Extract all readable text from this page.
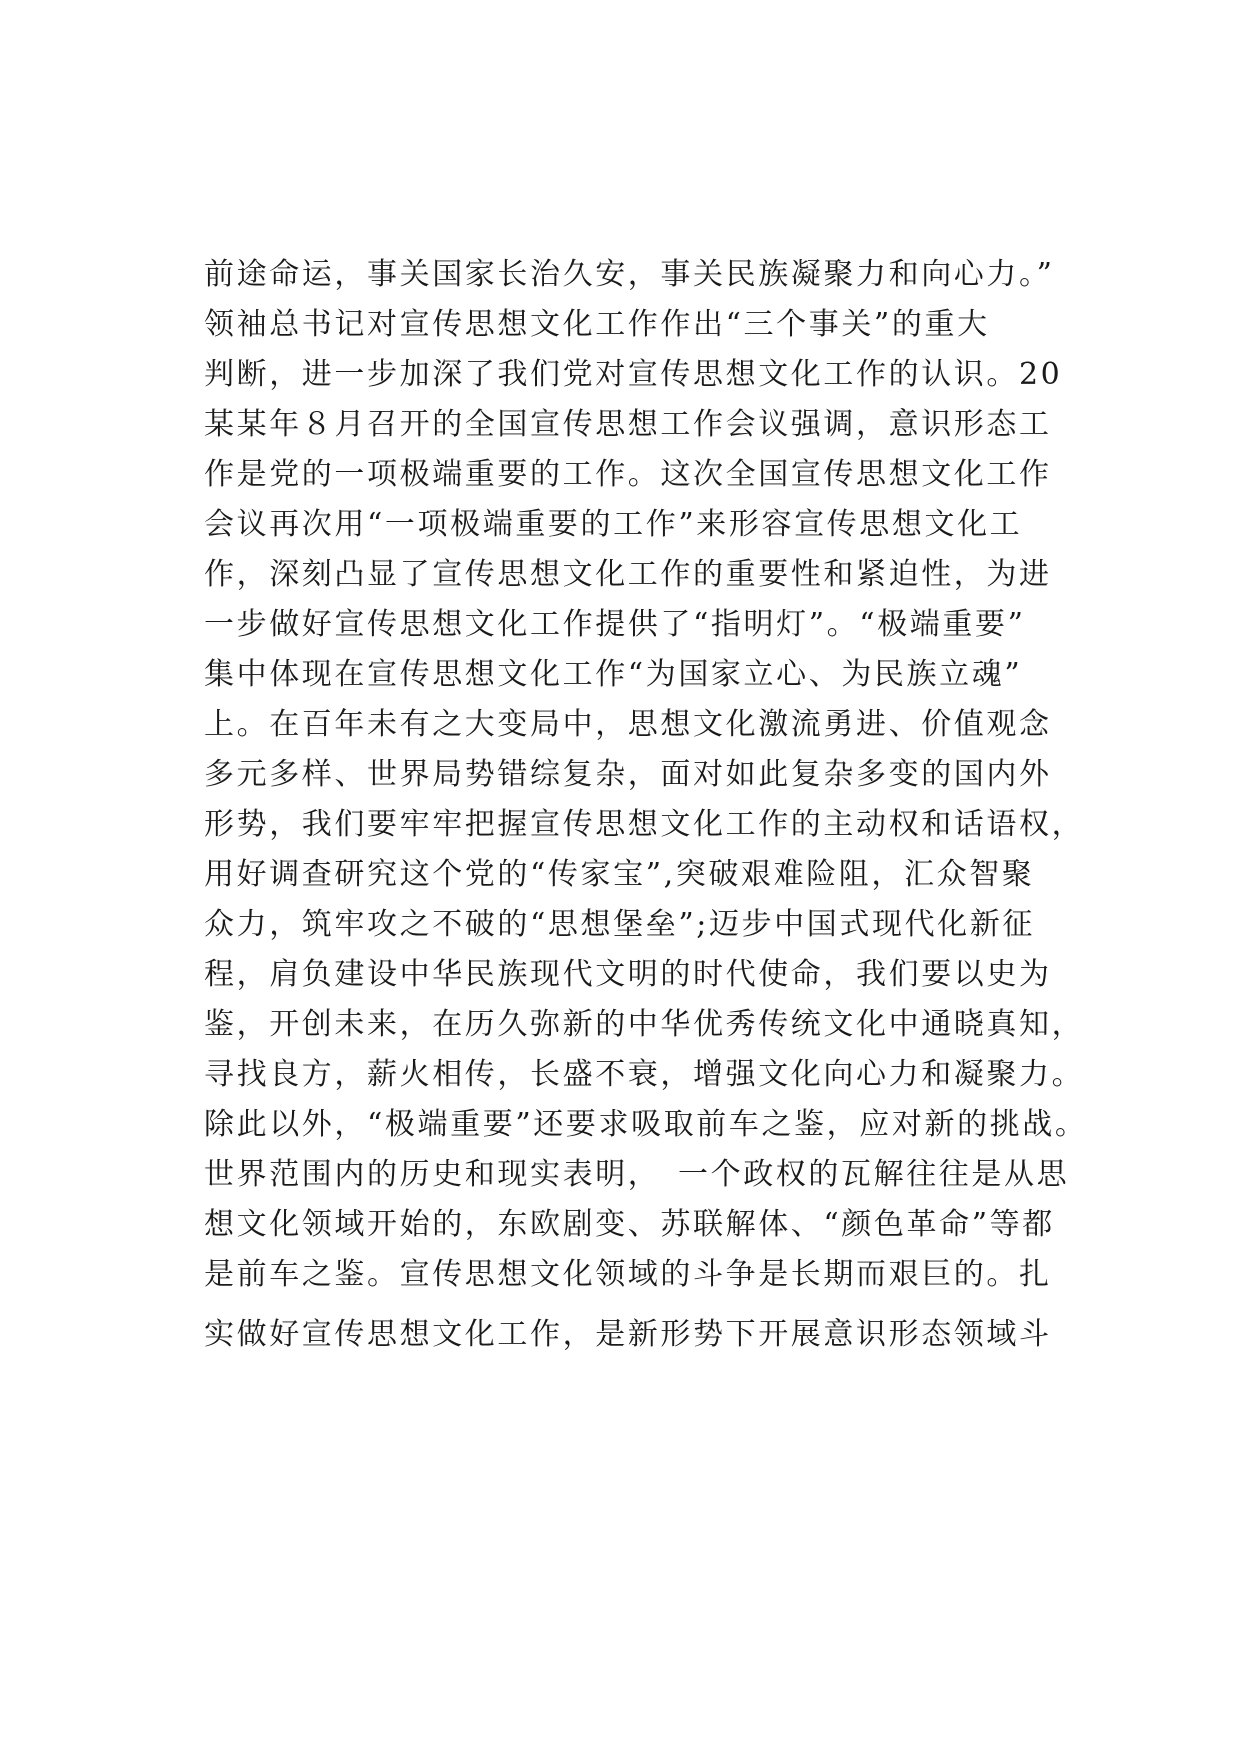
前途命运，事关国家长治久安，事关民族凝聚力和向心力。”
领袖总书记对宣传思想文化工作作出“三个事关”的重大
判断，进一步加深了我们党对宣传思想文化工作的认识。20
某某年８月召开的全国宣传思想工作会议强调，意识形态工
作是党的一项极端重要的工作。这次全国宣传思想文化工作
会议再次用“一项极端重要的工作”来形容宣传思想文化工
作，深刻凸显了宣传思想文化工作的重要性和紧迫性，为进
一步做好宣传思想文化工作提供了“指明灯”。“极端重要”
集中体现在宣传思想文化工作“为国家立心、为民族立魂”
上。在百年未有之大变局中，思想文化激流勇进、价值观念
多元多样、世界局势错综复杂，面对如此复杂多变的国内外
形势，我们要牢牢把握宣传思想文化工作的主动权和话语权，
用好调查研究这个党的“传家宝”,突破艰难险阻，汇众智聚
众力，筑牢攻之不破的“思想堡垒”;迈步中国式现代化新征
程，肩负建设中华民族现代文明的时代使命，我们要以史为
鉴，开创未来，在历久弥新的中华优秀传统文化中通晓真知，
寻找良方，薪火相传，长盛不衰，增强文化向心力和凝聚力。
除此以外，“极端重要”还要求吸取前车之鉴，应对新的挑战。
世界范围内的历史和现实表明，　一个政权的瓦解往往是从思
想文化领域开始的，东欧剧变、苏联解体、“颜色革命”等都
是前车之鉴。宣传思想文化领域的斗争是长期而艰巨的。扎
实做好宣传思想文化工作，是新形势下开展意识形态领域斗
